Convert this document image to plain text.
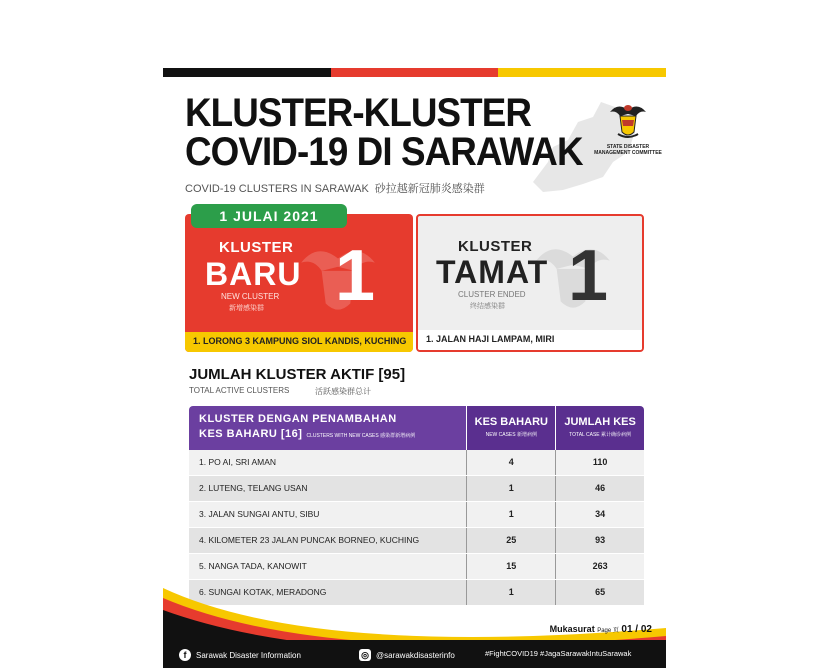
KLUSTER-KLUSTER
COVID-19 DI SARAWAK
COVID-19 CLUSTERS IN SARAWAK 砂拉越新冠肺炎感染群
STATE DISASTER
MANAGEMENT COMMITTEE
1 JULAI 2021
KLUSTER
BARU
NEW CLUSTER
新增感染群 1
1. LORONG 3 KAMPUNG SIOL KANDIS, KUCHING
KLUSTER
TAMAT
CLUSTER ENDED
终结感染群 1
1. JALAN HAJI LAMPAM, MIRI
JUMLAH KLUSTER AKTIF [95]
TOTAL ACTIVE CLUSTERS	活跃感染群总计
KLUSTER DENGAN PENAMBAHAN
KES BAHARU [16] CLUSTERS WITH NEW CASES 感染群新增病例
KES BAHARU
NEW CASES 新增病例
JUMLAH KES
TOTAL CASE 累计确诊病例
1. PO AI, SRI AMAN	4	110
2. LUTENG, TELANG USAN	1	46
3. JALAN SUNGAI ANTU, SIBU	1	34
4. KILOMETER 23 JALAN PUNCAK BORNEO, KUCHING	25	93
5. NANGA TADA, KANOWIT	15	263
6. SUNGAI KOTAK, MERADONG	1	65
Mukasurat Page 页 01 / 02
f	Sarawak Disaster Information	◎ @sarawakdisasterinfo	#FightCOVID19 #JagaSarawakIntuSarawak
